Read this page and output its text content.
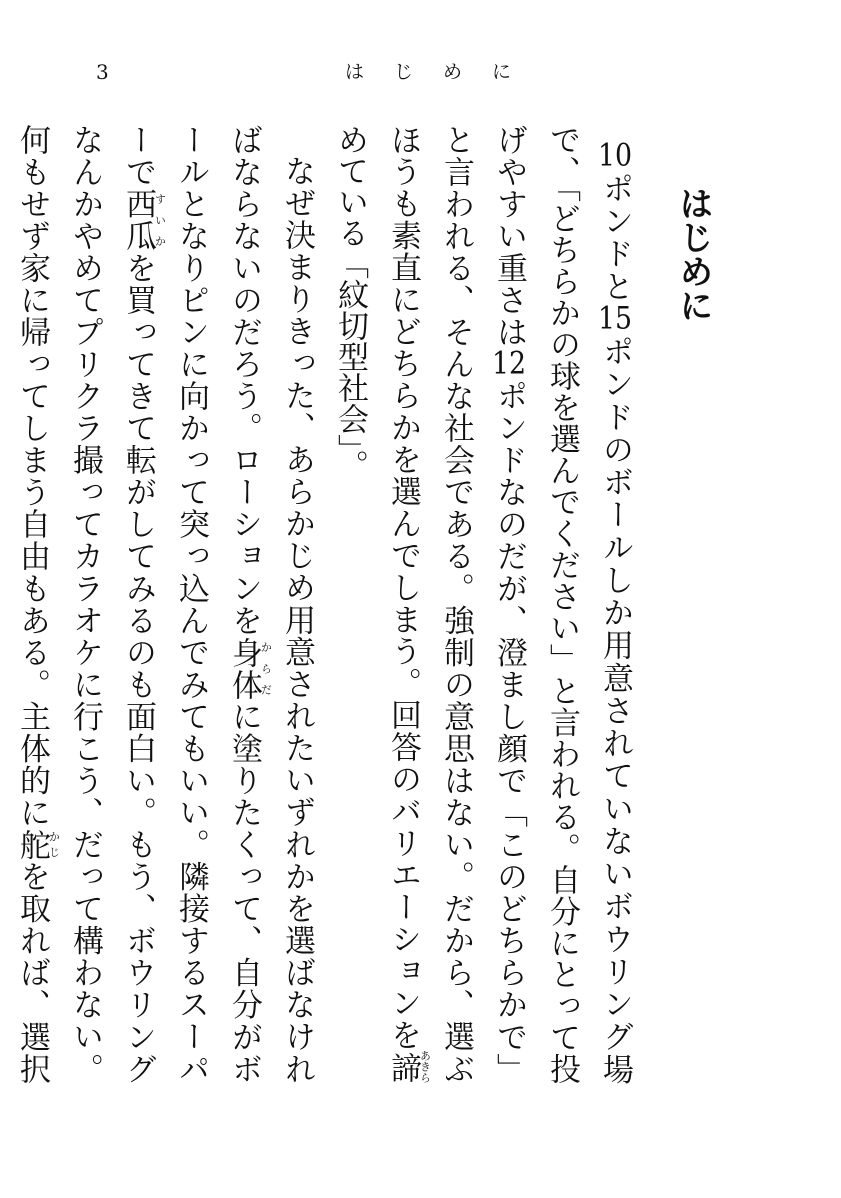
3	はじめに
はじめに

10ポンドと15ポンドのボールしか用意されていないボウリング場で、「どちらかの球を選んでください」と言われる。自分にとって投げやすい重さは12ポンドなのだが、澄まし顔で「このどちらかで」と言われる、そんな社会である。強制の意思はない。だから、選ぶほうも素直にどちらかを選んでしまう。回答のバリエーションを諦あきらめている「紋切型社会」。

なぜ決まりきった、あらかじめ用意されたいずれかを選ばなければならないのだろう。ローションを身体からだに塗りたくって、自分がボールとなりピンに向かって突っ込んでみてもいい。隣接するスーパーで西瓜すいかを買ってきて転がしてみるのも面白い。もう、ボウリングなんかやめてプリクラ撮ってカラオケに行こう、だって構わない。何もせず家に帰ってしまう自由もある。主体的に舵かじを取れば、選択
